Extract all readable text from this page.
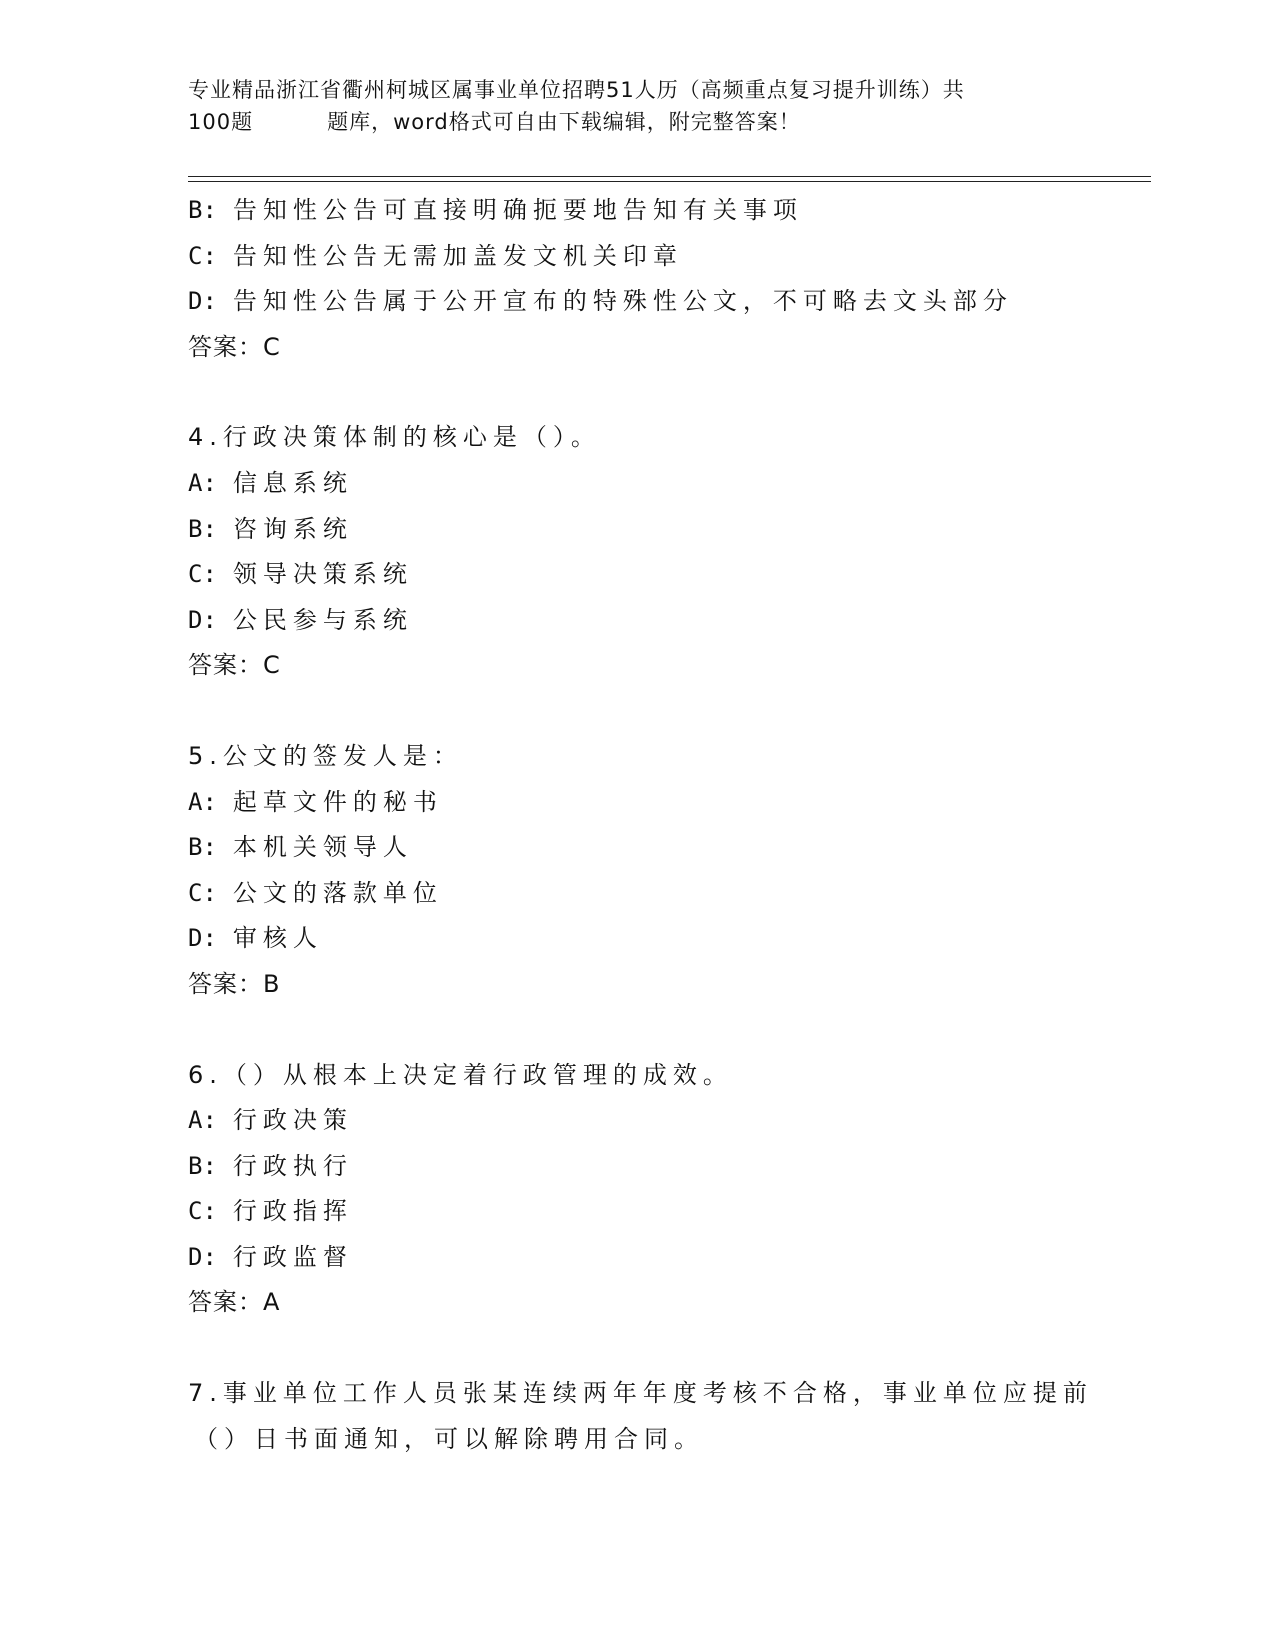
专业精品浙江省衢州柯城区属事业单位招聘51人历（高频重点复习提升训练）共
100题	题库，word格式可自由下载编辑，附完整答案！
B: 告知性公告可直接明确扼要地告知有关事项
C: 告知性公告无需加盖发文机关印章
D: 告知性公告属于公开宣布的特殊性公文，不可略去文头部分
答案：C
4.行政决策体制的核心是（）。
A: 信息系统
B: 咨询系统
C: 领导决策系统
D: 公民参与系统
答案：C
5.公文的签发人是：
A: 起草文件的秘书
B: 本机关领导人
C: 公文的落款单位
D: 审核人
答案：B
6.（）从根本上决定着行政管理的成效。
A: 行政决策
B: 行政执行
C: 行政指挥
D: 行政监督
答案：A
7.事业单位工作人员张某连续两年年度考核不合格，事业单位应提前
（）日书面通知，可以解除聘用合同。
